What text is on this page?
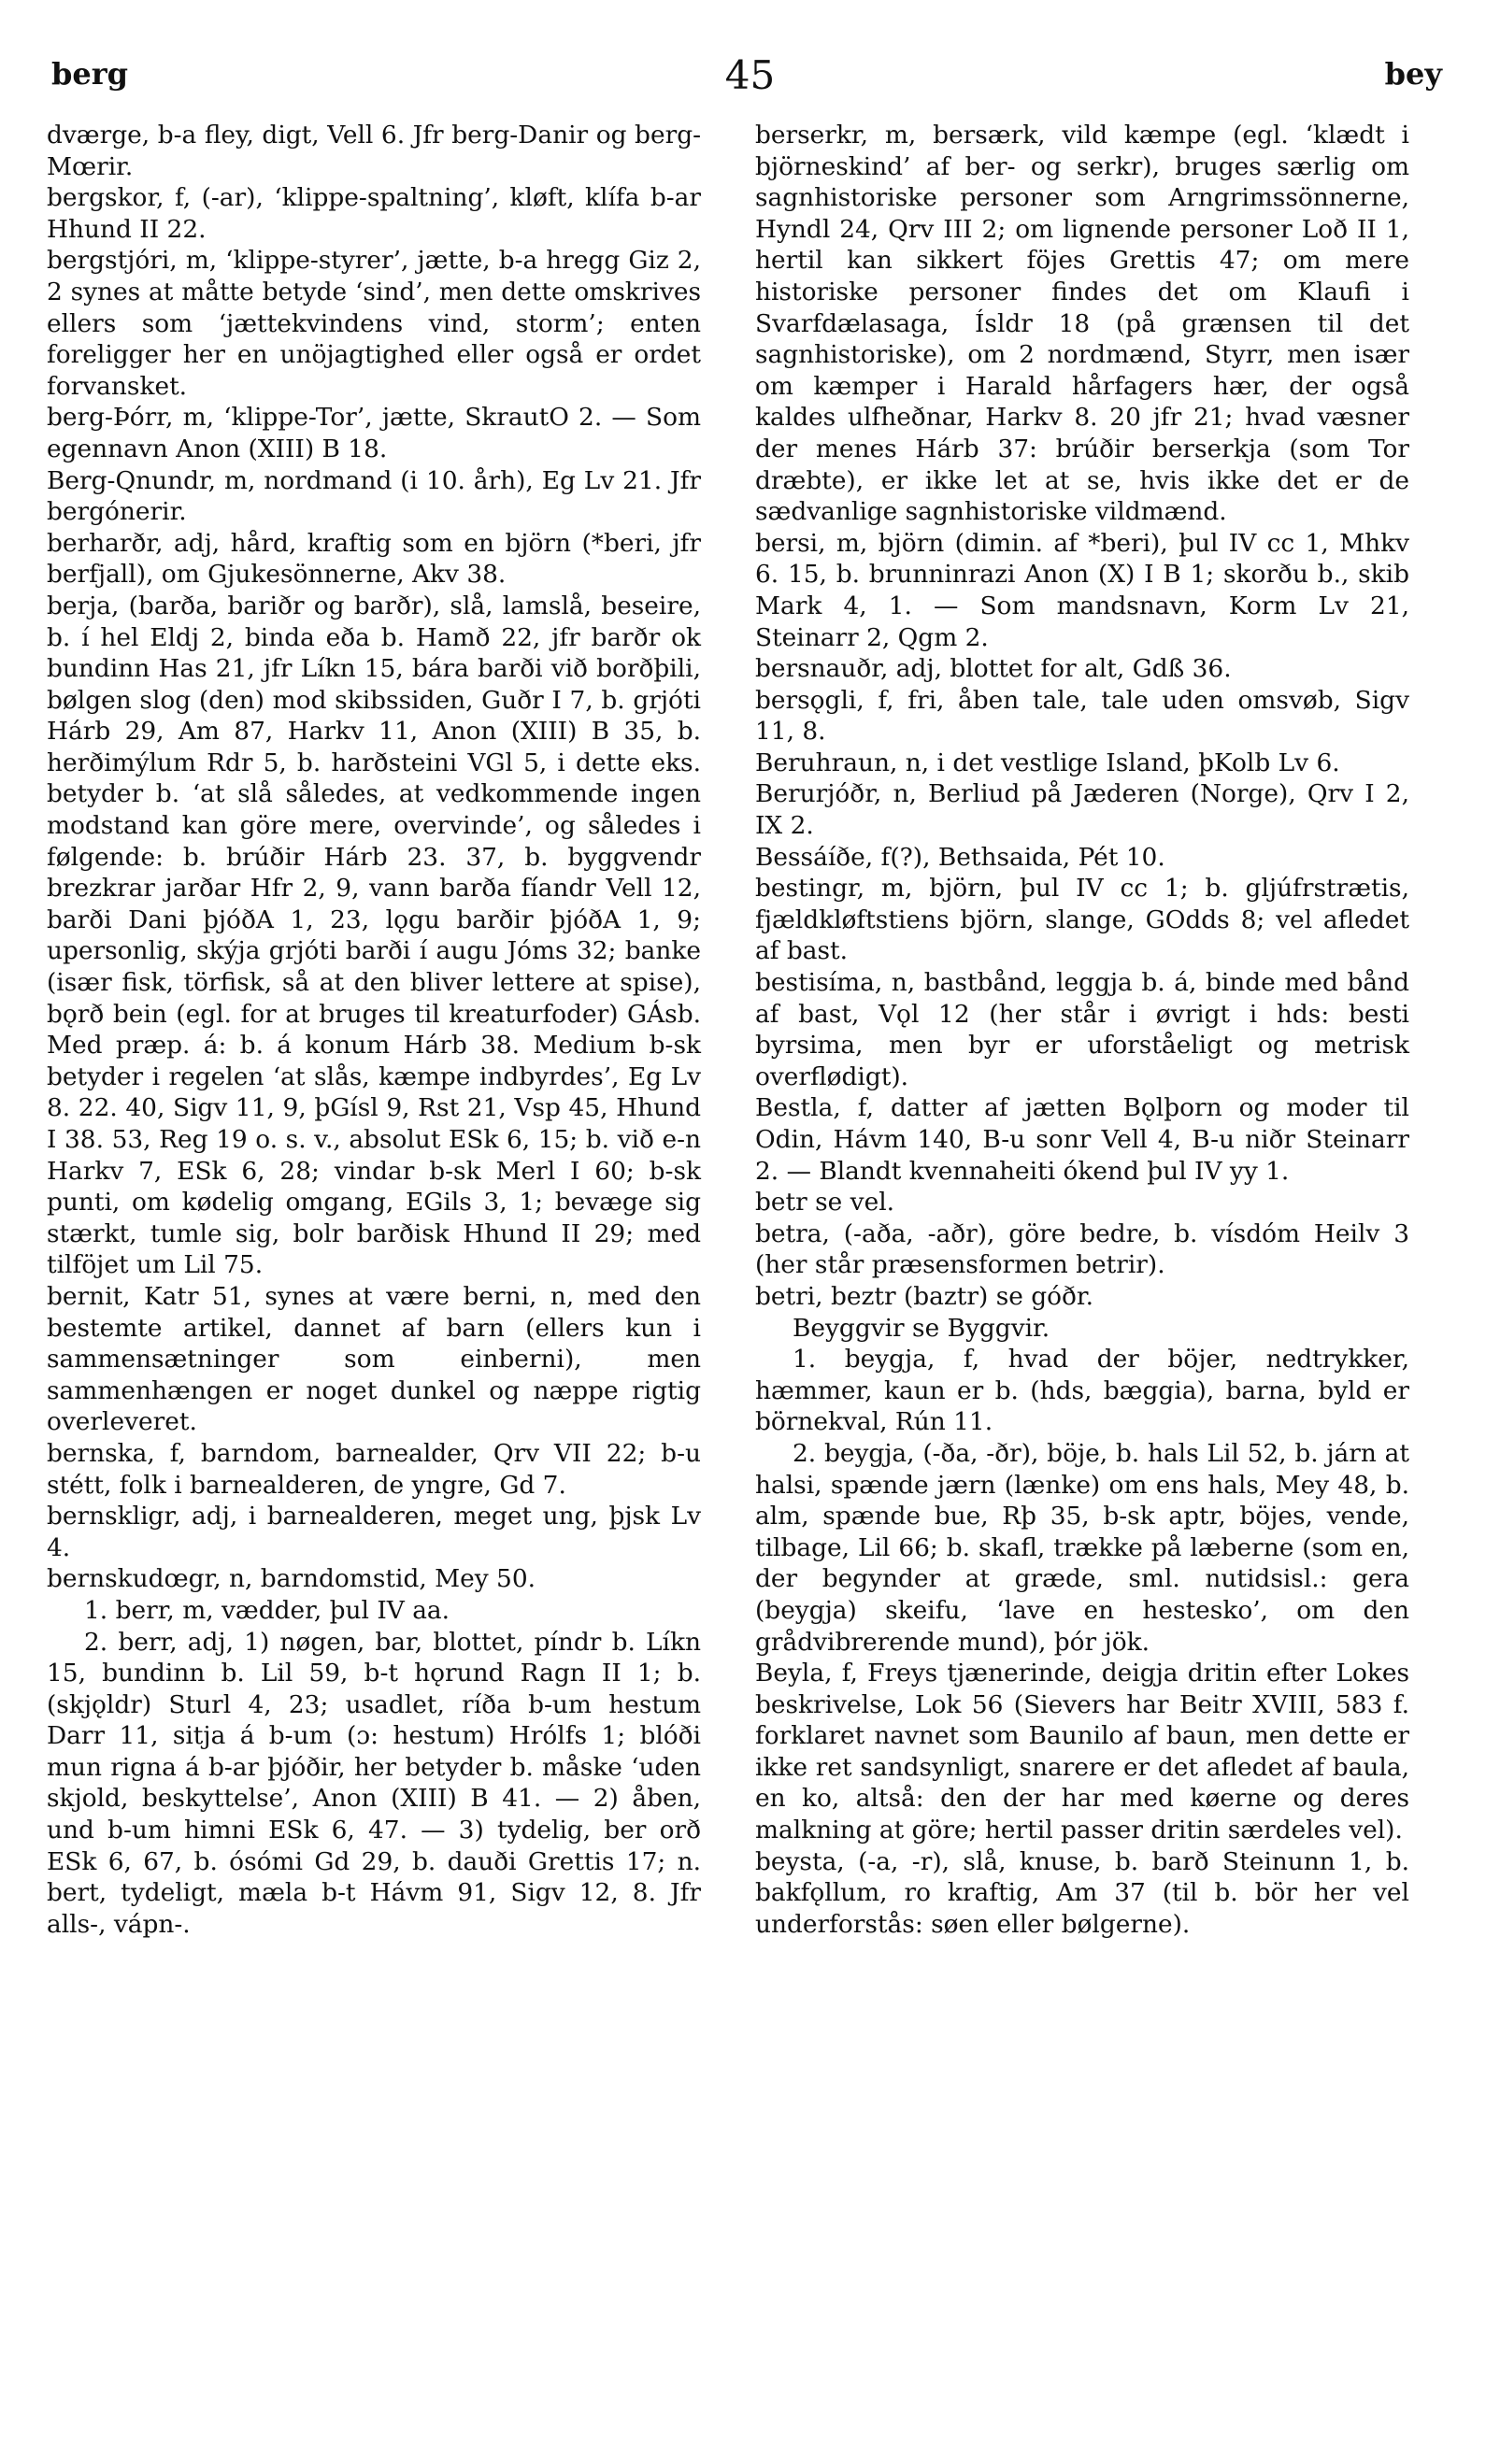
berg	45	bey

dværge, b-a fley, digt, Vell 6. Jfr berg-Danir og berg-Mœrir.

bergskor, f, (-ar), ‘klippe-spaltning’, kløft, klífa b-ar Hhund II 22.

bergstjóri, m, ‘klippe-styrer’, jætte, b-a hregg Giz 2, 2 synes at måtte betyde ‘sind’, men dette omskrives ellers som ‘jættekvindens vind, storm’; enten foreligger her en unöjagtighed eller også er ordet forvansket.

berg-Þórr, m, ‘klippe-Tor’, jætte, SkrautO 2. — Som egennavn Anon (XIII) B 18.

Berg-Qnundr, m, nordmand (i 10. årh), Eg Lv 21. Jfr bergónerir.

berharðr, adj, hård, kraftig som en björn (*beri, jfr berfjall), om Gjukesönnerne, Akv 38.

berja, (barða, bariðr og barðr), slå, lamslå, beseire, b. í hel Eldj 2, binda eða b. Hamð 22, jfr barðr ok bundinn Has 21, jfr Líkn 15, bára barði við borðþili, bølgen slog (den) mod skibssiden, Guðr I 7, b. grjóti Hárb 29, Am 87, Harkv 11, Anon (XIII) B 35, b. herðimýlum Rdr 5, b. harðsteini VGl 5, i dette eks. betyder b. ‘at slå således, at vedkommende ingen modstand kan göre mere, overvinde’, og således i følgende: b. brúðir Hárb 23. 37, b. byggvendr brezkrar jarðar Hfr 2, 9, vann barða fíandr Vell 12, barði Dani þjóðA 1, 23, lǫgu barðir þjóðA 1, 9; upersonlig, skýja grjóti barði í augu Jóms 32; banke (især fisk, törfisk, så at den bliver lettere at spise), bǫrð bein (egl. for at bruges til kreaturfoder) GÁsb. Med præp. á: b. á konum Hárb 38. Medium b-sk betyder i regelen ‘at slås, kæmpe indbyrdes’, Eg Lv 8. 22. 40, Sigv 11, 9, þGísl 9, Rst 21, Vsp 45, Hhund I 38. 53, Reg 19 o. s. v., absolut ESk 6, 15; b. við e-n Harkv 7, ESk 6, 28; vindar b-sk Merl I 60; b-sk punti, om kødelig omgang, EGils 3, 1; bevæge sig stærkt, tumle sig, bolr barðisk Hhund II 29; med tilföjet um Lil 75.

bernit, Katr 51, synes at være berni, n, med den bestemte artikel, dannet af barn (ellers kun i sammensætninger som einberni), men sammenhængen er noget dunkel og næppe rigtig overleveret.

bernska, f, barndom, barnealder, Qrv VII 22; b-u stétt, folk i barnealderen, de yngre, Gd 7.

bernskligr, adj, i barnealderen, meget ung, þjsk Lv 4.

bernskudœgr, n, barndomstid, Mey 50.

1. berr, m, vædder, þul IV aa.

2. berr, adj, 1) nøgen, bar, blottet, píndr b. Líkn 15, bundinn b. Lil 59, b-t hǫrund Ragn II 1; b. (skjǫldr) Sturl 4, 23; usadlet, ríða b-um hestum Darr 11, sitja á b-um (ɔ: hestum) Hrólfs 1; blóði mun rigna á b-ar þjóðir, her betyder b. måske ‘uden skjold, beskyttelse’, Anon (XIII) B 41. — 2) åben, und b-um himni ESk 6, 47. — 3) tydelig, ber orð ESk 6, 67, b. ósómi Gd 29, b. dauði Grettis 17; n. bert, tydeligt, mæla b-t Hávm 91, Sigv 12, 8. Jfr alls-, vápn-.

berserkr, m, bersærk, vild kæmpe (egl. ‘klædt i björneskind’ af ber- og serkr), bruges særlig om sagnhistoriske personer som Arngrimssönnerne, Hyndl 24, Qrv III 2; om lignende personer Loð II 1, hertil kan sikkert föjes Grettis 47; om mere historiske personer findes det om Klaufi i Svarfdælasaga, Ísldr 18 (på grænsen til det sagnhistoriske), om 2 nordmænd, Styrr, men især om kæmper i Harald hårfagers hær, der også kaldes ulfheðnar, Harkv 8. 20 jfr 21; hvad væsner der menes Hárb 37: brúðir berserkja (som Tor dræbte), er ikke let at se, hvis ikke det er de sædvanlige sagnhistoriske vildmænd.

bersi, m, björn (dimin. af *beri), þul IV cc 1, Mhkv 6. 15, b. brunninrazi Anon (X) I B 1; skorðu b., skib Mark 4, 1. — Som mandsnavn, Korm Lv 21, Steinarr 2, Qgm 2.

bersnauðr, adj, blottet for alt, Gdß 36.

bersǫgli, f, fri, åben tale, tale uden omsvøb, Sigv 11, 8.

Beruhraun, n, i det vestlige Island, þKolb Lv 6.

Berurjóðr, n, Berliud på Jæderen (Norge), Qrv I 2, IX 2.

Bessáíðe, f(?), Bethsaida, Pét 10.

bestingr, m, björn, þul IV cc 1; b. gljúfrstrætis, fjældkløftstiens björn, slange, GOdds 8; vel afledet af bast.

bestisíma, n, bastbånd, leggja b. á, binde med bånd af bast, Vǫl 12 (her står i øvrigt i hds: besti byrsima, men byr er uforståeligt og metrisk overflødigt).

Bestla, f, datter af jætten Bǫlþorn og moder til Odin, Hávm 140, B-u sonr Vell 4, B-u niðr Steinarr 2. — Blandt kvennaheiti ókend þul IV yy 1.

betr se vel.

betra, (-aða, -aðr), göre bedre, b. vísdóm Heilv 3 (her står præsensformen betrir).

betri, beztr (baztr) se góðr.

Beyggvir se Byggvir.

1. beygja, f, hvad der böjer, nedtrykker, hæmmer, kaun er b. (hds, bæggia), barna, byld er börnekval, Rún 11.

2. beygja, (-ða, -ðr), böje, b. hals Lil 52, b. járn at halsi, spænde jærn (lænke) om ens hals, Mey 48, b. alm, spænde bue, Rþ 35, b-sk aptr, böjes, vende, tilbage, Lil 66; b. skafl, trække på læberne (som en, der begynder at græde, sml. nutidsisl.: gera (beygja) skeifu, ‘lave en hestesko’, om den grådvibrerende mund), þór jök.

Beyla, f, Freys tjænerinde, deigja dritin efter Lokes beskrivelse, Lok 56 (Sievers har Beitr XVIII, 583 f. forklaret navnet som Baunilo af baun, men dette er ikke ret sandsynligt, snarere er det afledet af baula, en ko, altså: den der har med køerne og deres malkning at göre; hertil passer dritin særdeles vel).

beysta, (-a, -r), slå, knuse, b. barð Steinunn 1, b. bakfǫllum, ro kraftig, Am 37 (til b. bör her vel underforstås: søen eller bølgerne).
